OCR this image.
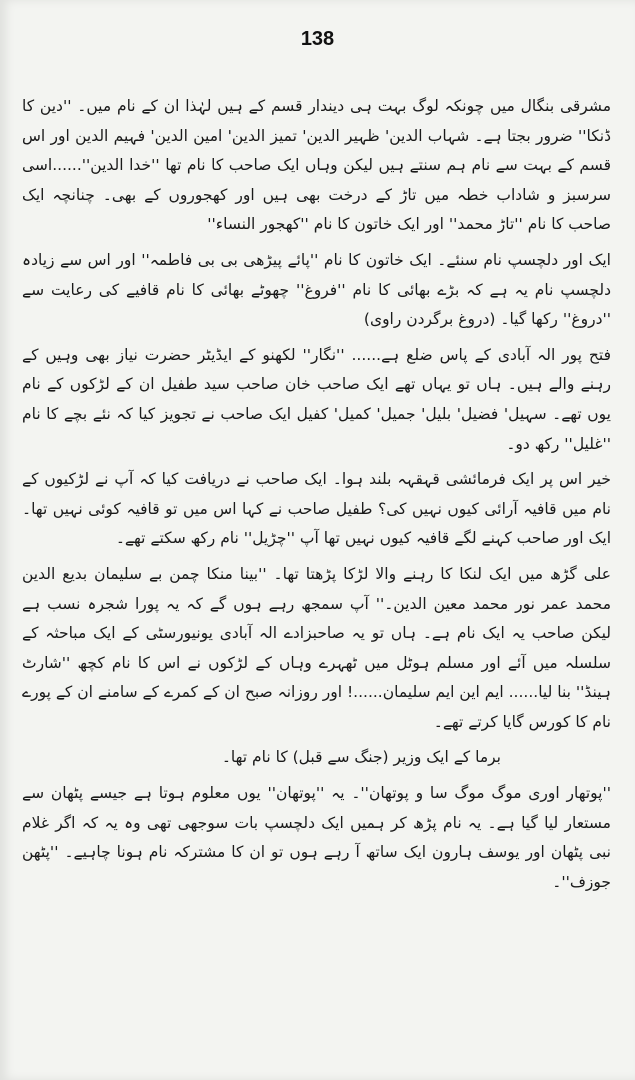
138

مشرقی بنگال میں چونکہ لوگ بہت ہی دیندار قسم کے ہیں لہٰذا ان کے نام میں۔ ''دین کا ڈنکا'' ضرور بجتا ہے۔ شہاب الدین' ظہیر الدین' تمیز الدین' امین الدین' فہیم الدین اور اس قسم کے بہت سے نام ہم سنتے ہیں لیکن وہاں ایک صاحب کا نام تھا ''خدا الدین''......اسی سرسبز و شاداب خطہ میں تاڑ کے درخت بھی ہیں اور کھجوروں کے بھی۔ چنانچہ ایک صاحب کا نام ''تاڑ محمد'' اور ایک خاتون کا نام ''کھجور النساء''

ایک اور دلچسپ نام سنئے۔ ایک خاتون کا نام ''پائے پیڑھی بی بی فاطمہ'' اور اس سے زیادہ دلچسپ نام یہ ہے کہ بڑے بھائی کا نام ''فروغ'' چھوٹے بھائی کا نام قافیے کی رعایت سے ''دروغ'' رکھا گیا۔ (دروغ برگردن راوی)

فتح پور الہ آبادی کے پاس ضلع ہے...... ''نگار'' لکھنو کے ایڈیٹر حضرت نیاز بھی وہیں کے رہنے والے ہیں۔ ہاں تو یہاں تھے ایک صاحب خان صاحب سید طفیل ان کے لڑکوں کے نام یوں تھے۔ سہیل' فضیل' بلیل' جمیل' کمیل' کفیل ایک صاحب نے تجویز کیا کہ نئے بچے کا نام ''غلیل'' رکھ دو۔

خیر اس پر ایک فرمائشی قہقہہ بلند ہوا۔ ایک صاحب نے دریافت کیا کہ آپ نے لڑکیوں کے نام میں قافیہ آرائی کیوں نہیں کی؟ طفیل صاحب نے کہا اس میں تو قافیہ کوئی نہیں تھا۔ ایک اور صاحب کہنے لگے قافیہ کیوں نہیں تھا آپ ''چڑیل'' نام رکھ سکتے تھے۔

علی گڑھ میں ایک لنکا کا رہنے والا لڑکا پڑھتا تھا۔ ''بینا منکا چمن بے سلیمان بدیع الدین محمد عمر نور محمد معین الدین۔'' آپ سمجھ رہے ہوں گے کہ یہ پورا شجرہ نسب ہے لیکن صاحب یہ ایک نام ہے۔ ہاں تو یہ صاحبزادے الہ آبادی یونیورسٹی کے ایک مباحثہ کے سلسلہ میں آئے اور مسلم ہوٹل میں ٹھہرے وہاں کے لڑکوں نے اس کا نام کچھ ''شارٹ ہینڈ'' بنا لیا...... ایم این ایم سلیمان......! اور روزانہ صبح ان کے کمرے کے سامنے ان کے پورے نام کا کورس گایا کرتے تھے۔

برما کے ایک وزیر (جنگ سے قبل) کا نام تھا۔

''پوتھار اوری موگ موگ سا و پوتھان''۔ یہ ''پوتھان'' یوں معلوم ہوتا ہے جیسے پٹھان سے مستعار لیا گیا ہے۔ یہ نام پڑھ کر ہمیں ایک دلچسپ بات سوجھی تھی وہ یہ کہ اگر غلام نبی پٹھان اور یوسف ہارون ایک ساتھ آ رہے ہوں تو ان کا مشترکہ نام ہونا چاہیے۔ ''پٹھن جوزف''۔
